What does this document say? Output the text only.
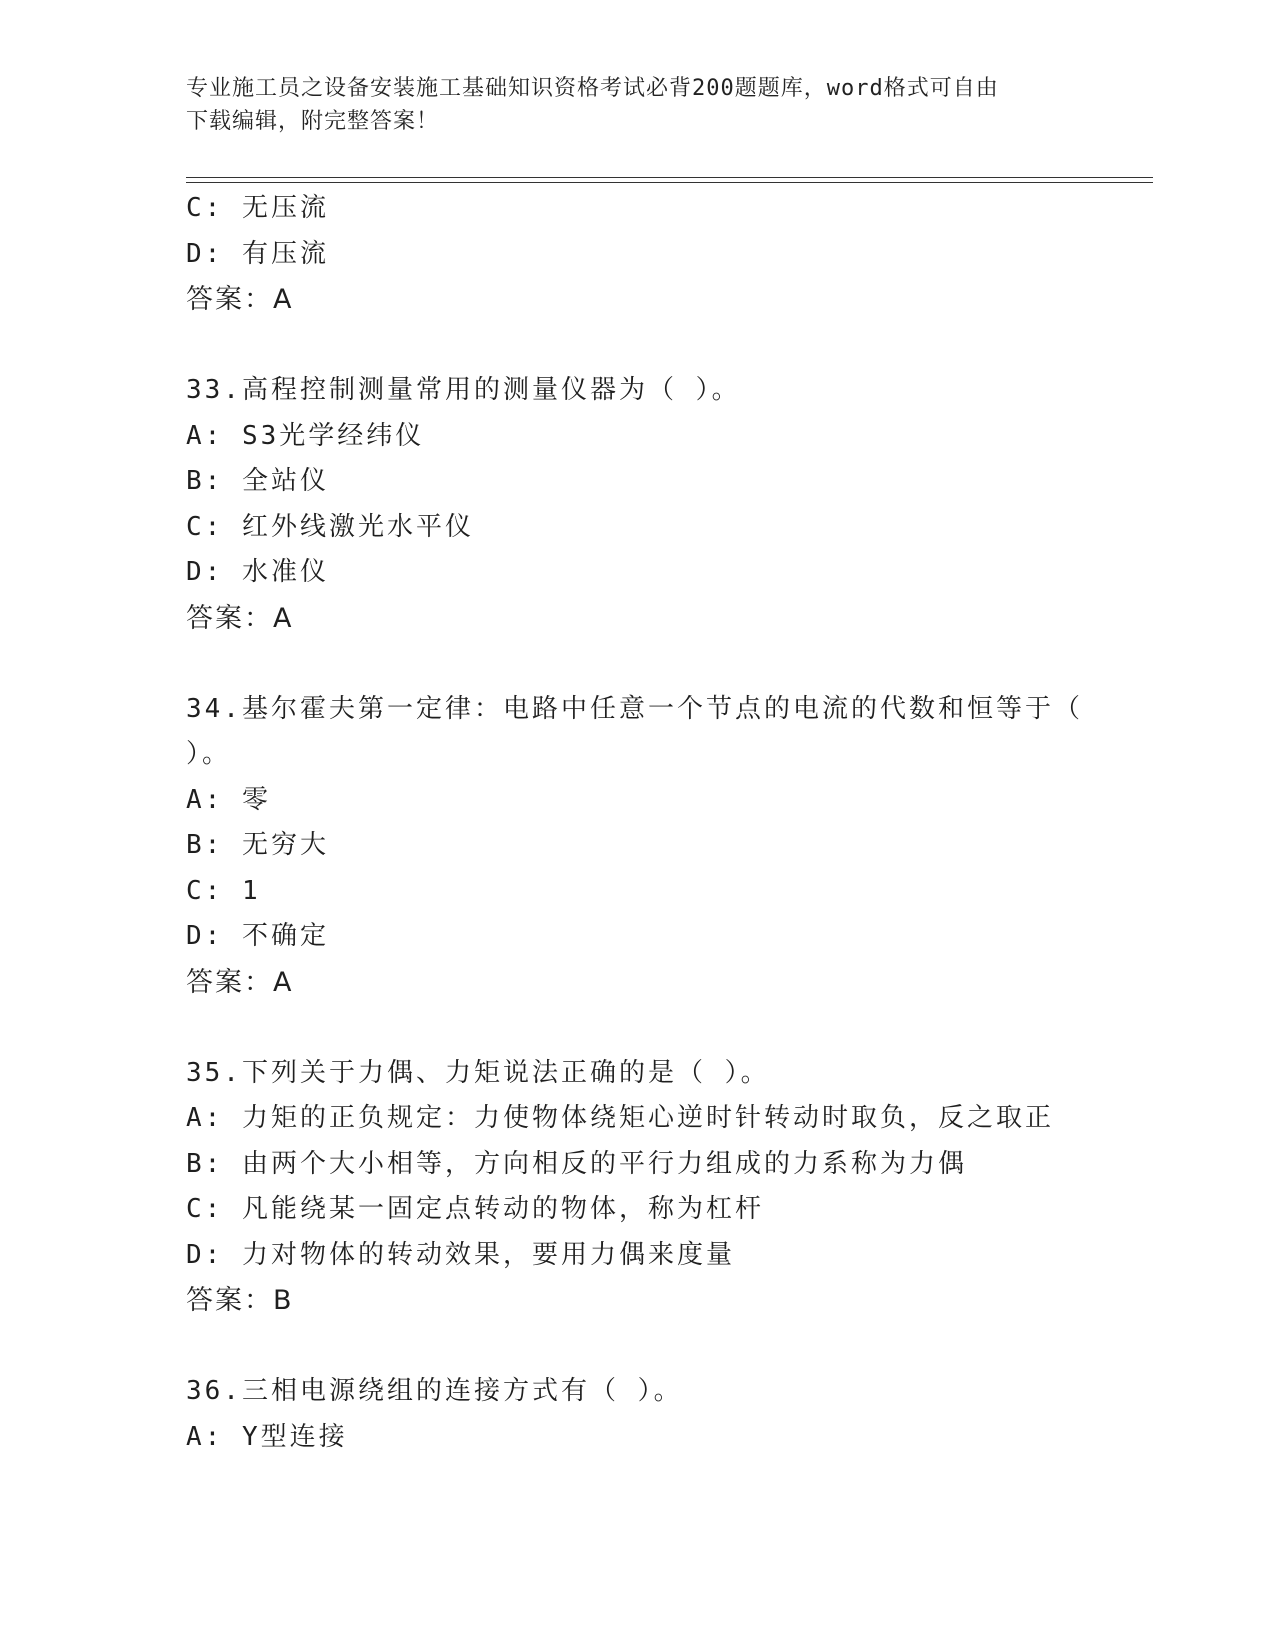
专业施工员之设备安装施工基础知识资格考试必背200题题库，word格式可自由
下载编辑，附完整答案！
C: 无压流
D: 有压流
答案：A
33.高程控制测量常用的测量仪器为（ ）。
A: S3光学经纬仪
B: 全站仪
C: 红外线激光水平仪
D: 水准仪
答案：A
34.基尔霍夫第一定律：电路中任意一个节点的电流的代数和恒等于（
）。
A: 零
B: 无穷大
C: 1
D: 不确定
答案：A
35.下列关于力偶、力矩说法正确的是（ ）。
A: 力矩的正负规定：力使物体绕矩心逆时针转动时取负，反之取正
B: 由两个大小相等，方向相反的平行力组成的力系称为力偶
C: 凡能绕某一固定点转动的物体，称为杠杆
D: 力对物体的转动效果，要用力偶来度量
答案：B
36.三相电源绕组的连接方式有（ ）。
A: Y型连接
